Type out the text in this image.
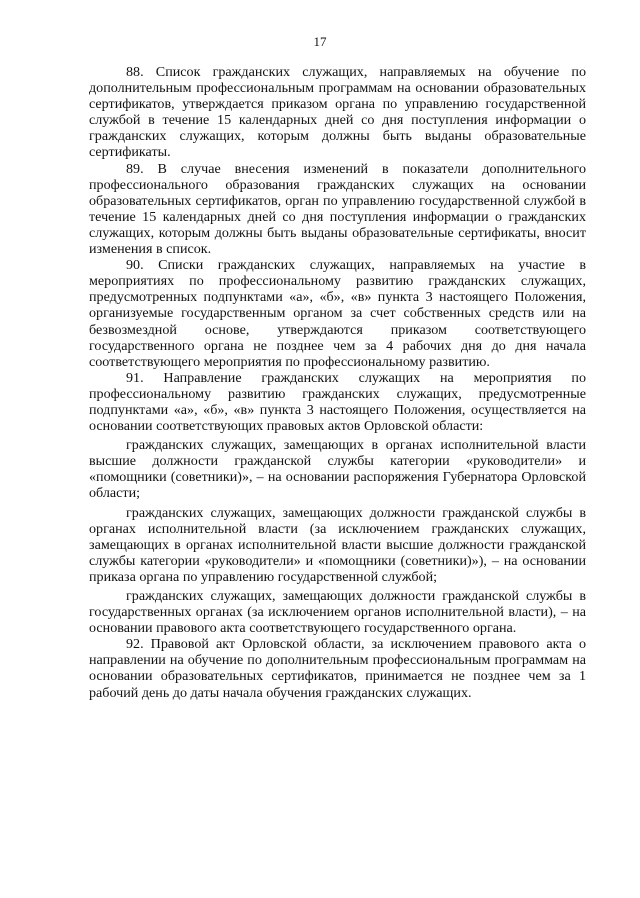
17

88. Список гражданских служащих, направляемых на обучение по дополнительным профессиональным программам на основании образовательных сертификатов, утверждается приказом органа по управлению государственной службой в течение 15 календарных дней со дня поступления информации о гражданских служащих, которым должны быть выданы образовательные сертификаты.

89. В случае внесения изменений в показатели дополнительного профессионального образования гражданских служащих на основании образовательных сертификатов, орган по управлению государственной службой в течение 15 календарных дней со дня поступления информации о гражданских служащих, которым должны быть выданы образовательные сертификаты, вносит изменения в список.

90. Списки гражданских служащих, направляемых на участие в мероприятиях по профессиональному развитию гражданских служащих, предусмотренных подпунктами «а», «б», «в» пункта 3 настоящего Положения, организуемые государственным органом за счет собственных средств или на безвозмездной основе, утверждаются приказом соответствующего государственного органа не позднее чем за 4 рабочих дня до дня начала соответствующего мероприятия по профессиональному развитию.

91. Направление гражданских служащих на мероприятия по профессиональному развитию гражданских служащих, предусмотренные подпунктами «а», «б», «в» пункта 3 настоящего Положения, осуществляется на основании соответствующих правовых актов Орловской области:

гражданских служащих, замещающих в органах исполнительной власти высшие должности гражданской службы категории «руководители» и «помощники (советники)», – на основании распоряжения Губернатора Орловской области;

гражданских служащих, замещающих должности гражданской службы в органах исполнительной власти (за исключением гражданских служащих, замещающих в органах исполнительной власти высшие должности гражданской службы категории «руководители» и «помощники (советники)»), – на основании приказа органа по управлению государственной службой;

гражданских служащих, замещающих должности гражданской службы в государственных органах (за исключением органов исполнительной власти), – на основании правового акта соответствующего государственного органа.

92. Правовой акт Орловской области, за исключением правового акта о направлении на обучение по дополнительным профессиональным программам на основании образовательных сертификатов, принимается не позднее чем за 1 рабочий день до даты начала обучения гражданских служащих.
